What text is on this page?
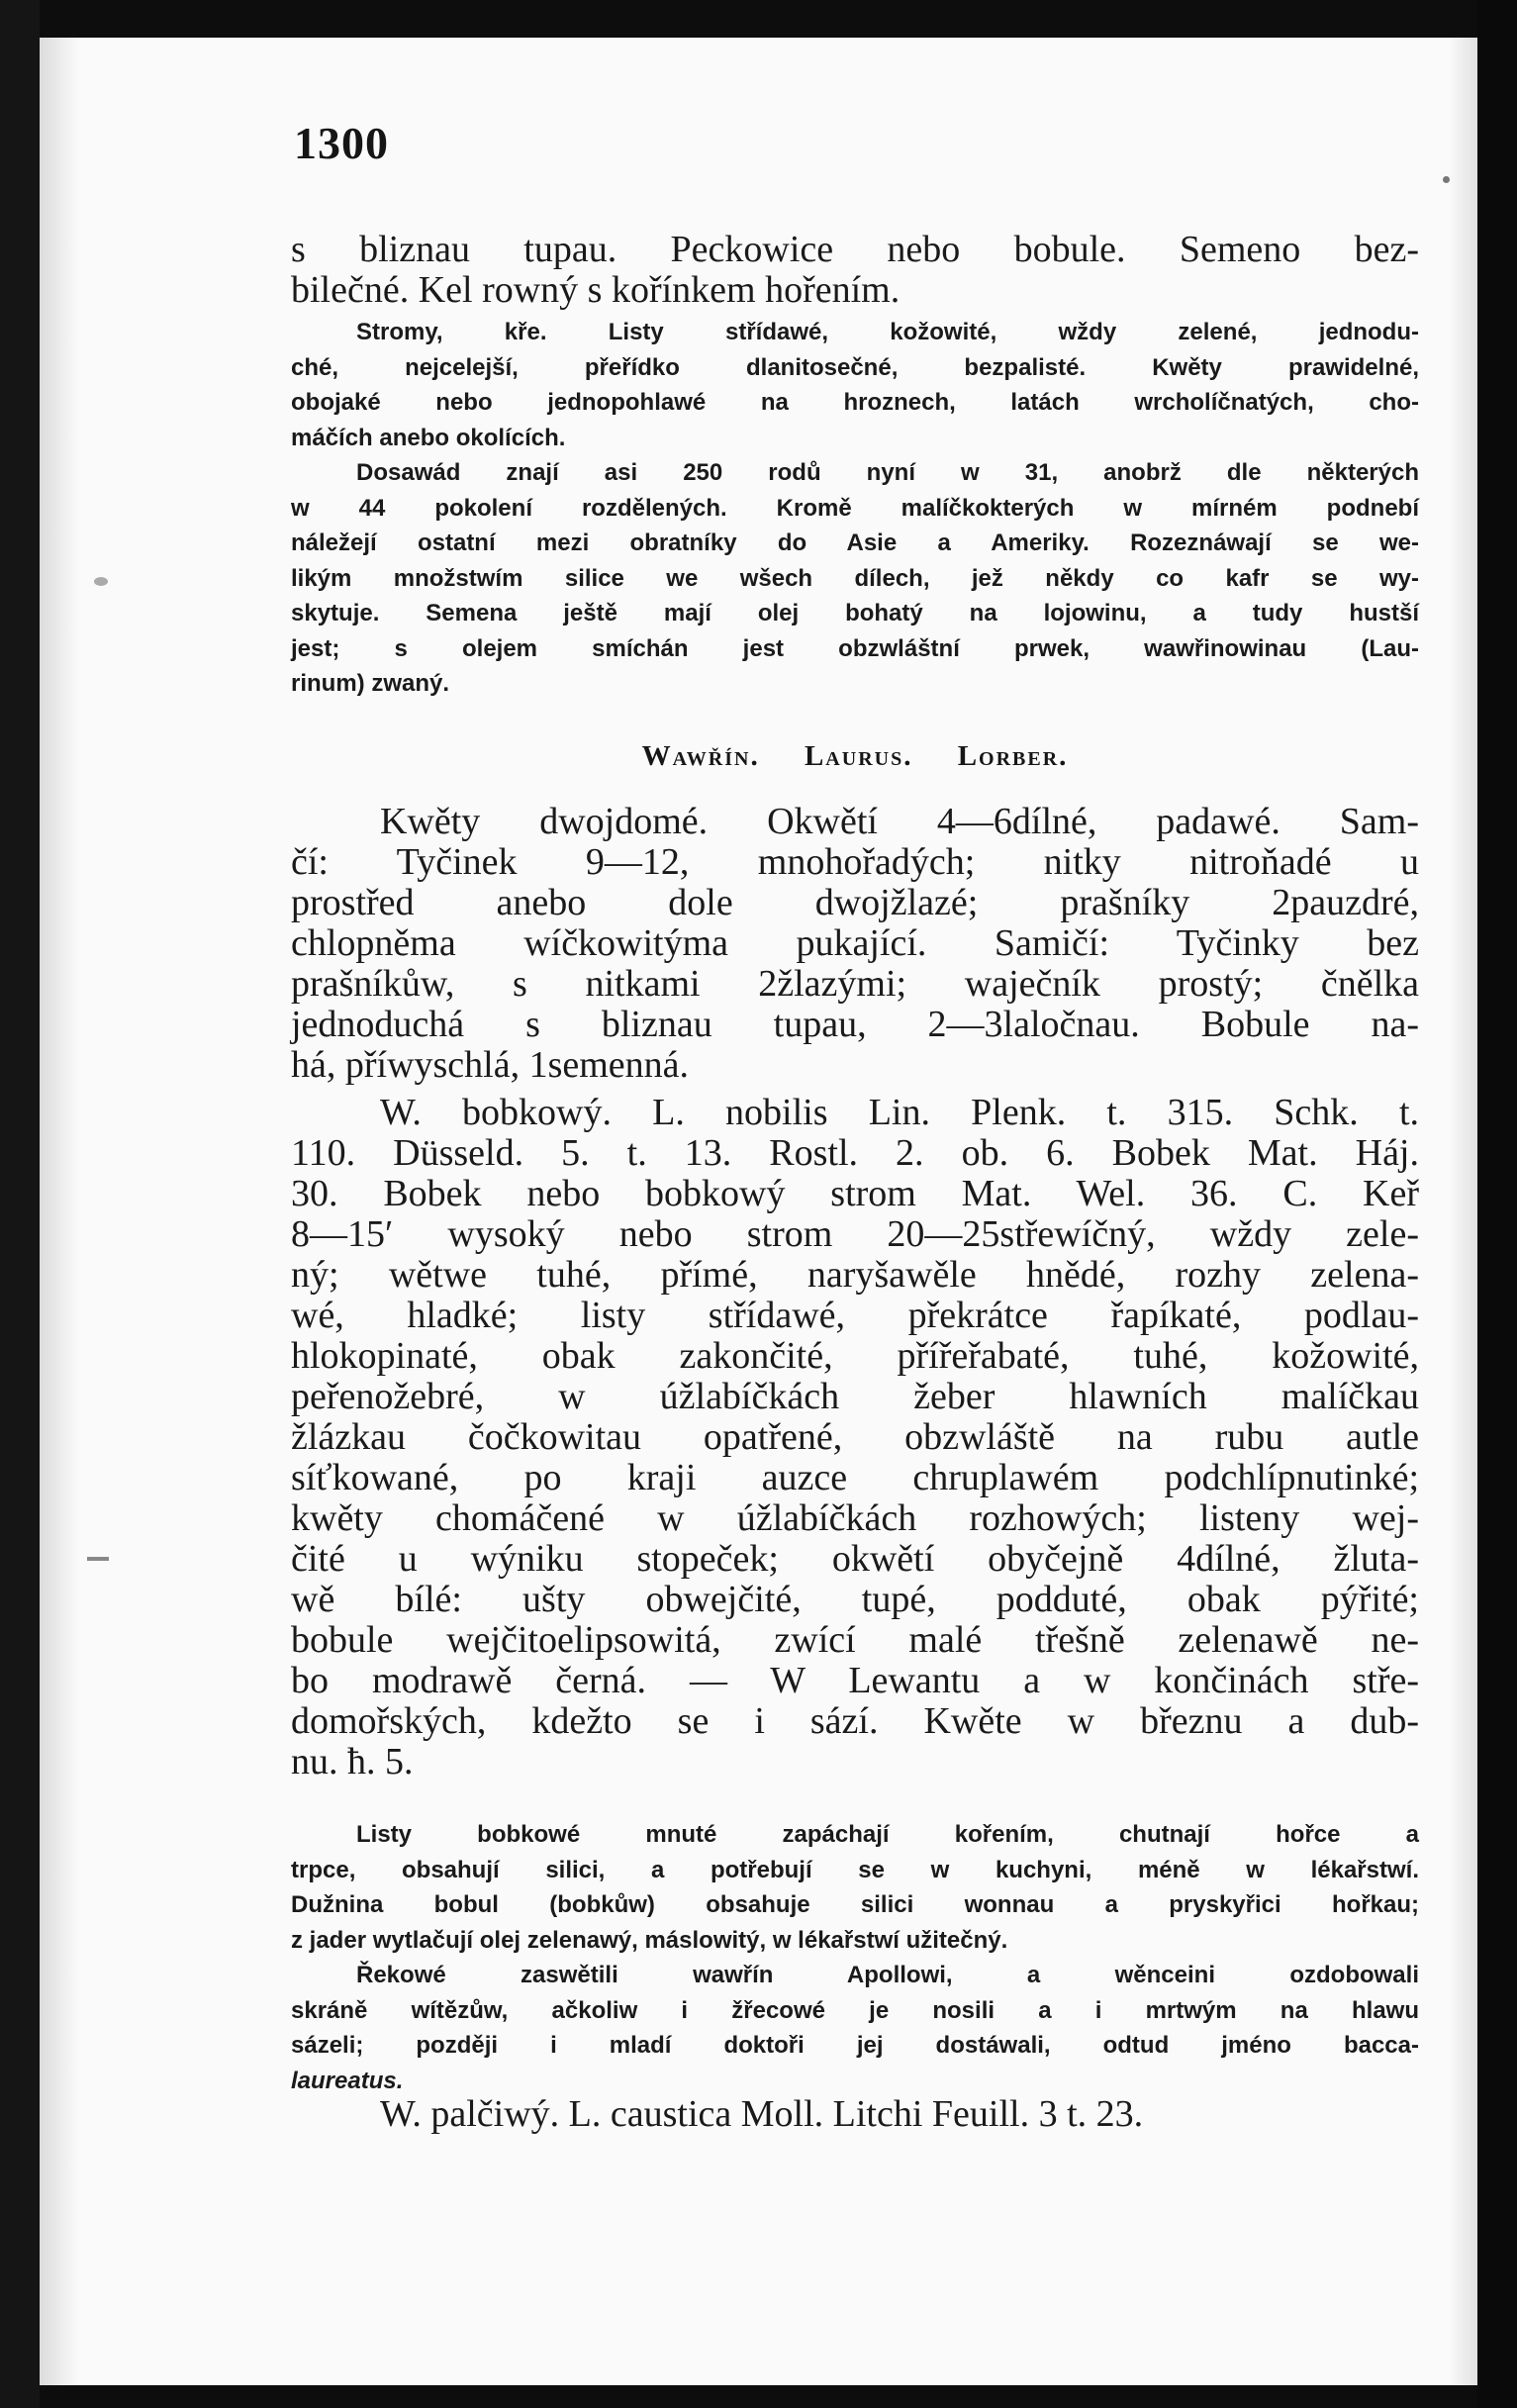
1300
s bliznau tupau. Peckowice nebo bobule. Semeno bez-
bilečné. Kel rowný s kořínkem hořením.
Stromy, kře. Listy střídawé, kožowité, wždy zelené, jednodu-
ché, nejcelejší, přeřídko dlanitosečné, bezpalisté. Kwěty prawidelné,
obojaké nebo jednopohlawé na hroznech, latách wrcholíčnatých, cho-
máčích anebo okolících.
Dosawád znají asi 250 rodů nyní w 31, anobrž dle některých
w 44 pokolení rozdělených. Kromě malíčkokterých w mírném podnebí
náležejí ostatní mezi obratníky do Asie a Ameriky. Rozeznáwají se we-
likým množstwím silice we wšech dílech, jež někdy co kafr se wy-
skytuje. Semena ještě mají olej bohatý na lojowinu, a tudy hustší
jest; s olejem smíchán jest obzwláštní prwek, wawřinowinau (Lau-
rinum) zwaný.
Wawřín. Laurus. Lorber.
Kwěty dwojdomé. Okwětí 4—6dílné, padawé. Sam-
čí: Tyčinek 9—12, mnohořadých; nitky nitroňadé u
prostřed anebo dole dwojžlazé; prašníky 2pauzdré,
chlopněma wíčkowitýma pukající. Samičí: Tyčinky bez
prašníkůw, s nitkami 2žlazými; waječník prostý; čnělka
jednoduchá s bliznau tupau, 2—3laločnau. Bobule na-
há, příwyschlá, 1semenná.
W. bobkowý. L. nobilis Lin. Plenk. t. 315. Schk. t.
110. Düsseld. 5. t. 13. Rostl. 2. ob. 6. Bobek Mat. Háj.
30. Bobek nebo bobkowý strom Mat. Wel. 36. C. Keř
8—15′ wysoký nebo strom 20—25střewíčný, wždy zele-
ný; wětwe tuhé, přímé, naryšawěle hnědé, rozhy zelena-
wé, hladké; listy střídawé, překrátce řapíkaté, podlau-
hlokopinaté, obak zakončité, přířeřabaté, tuhé, kožowité,
peřenožebré, w úžlabíčkách žeber hlawních malíčkau
žlázkau čočkowitau opatřené, obzwláště na rubu autle
síťkowané, po kraji auzce chruplawém podchlípnutinké;
kwěty chomáčené w úžlabíčkách rozhowých; listeny wej-
čité u wýniku stopeček; okwětí obyčejně 4dílné, žluta-
wě bílé: ušty obwejčité, tupé, podduté, obak pýřité;
bobule wejčitoelipsowitá, zwící malé třešně zelenawě ne-
bo modrawě černá. — W Lewantu a w končinách stře-
domořských, kdežto se i sází. Kwěte w březnu a dub-
nu. ħ. 5.
Listy bobkowé mnuté zapáchají kořením, chutnají hořce a
trpce, obsahují silici, a potřebují se w kuchyni, méně w lékařstwí.
Dužnina bobul (bobkůw) obsahuje silici wonnau a pryskyřici hořkau;
z jader wytlačují olej zelenawý, máslowitý, w lékařstwí užitečný.
Řekowé zaswětili wawřín Apollowi, a wěnceini ozdobowali
skráně wítězůw, ačkoliw i žřecowé je nosili a i mrtwým na hlawu
sázeli; později i mladí doktoři jej dostáwali, odtud jméno bacca-
laureatus.
W. palčiwý. L. caustica Moll. Litchi Feuill. 3 t. 23.
